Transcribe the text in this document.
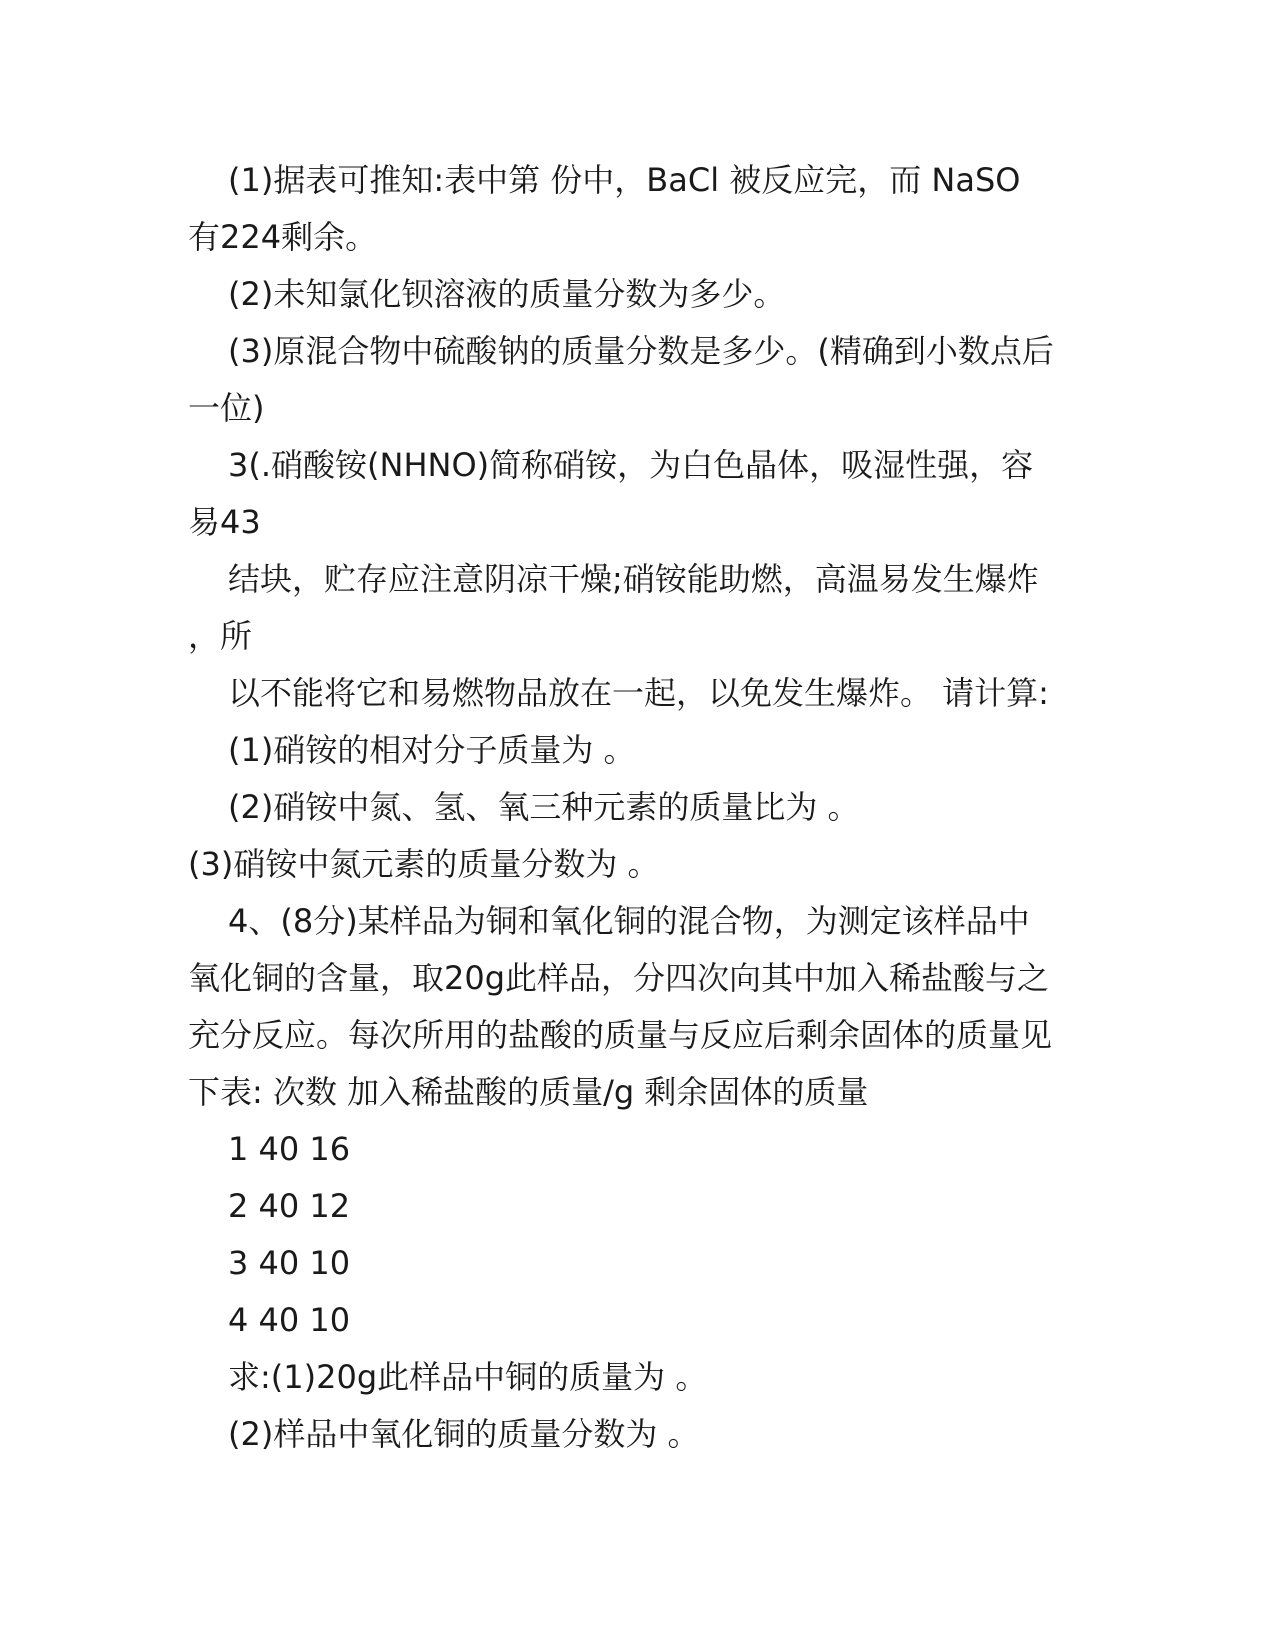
(1)据表可推知:表中第 份中，BaCl 被反应完，而 NaSO
有224剩余。
(2)未知氯化钡溶液的质量分数为多少。
(3)原混合物中硫酸钠的质量分数是多少。(精确到小数点后
一位)
3(.硝酸铵(NHNO)简称硝铵，为白色晶体，吸湿性强，容
易43
结块，贮存应注意阴凉干燥;硝铵能助燃，高温易发生爆炸
，所
以不能将它和易燃物品放在一起，以免发生爆炸。 请计算:
(1)硝铵的相对分子质量为 。
(2)硝铵中氮、氢、氧三种元素的质量比为 。
(3)硝铵中氮元素的质量分数为 。
4、(8分)某样品为铜和氧化铜的混合物，为测定该样品中
氧化铜的含量，取20g此样品，分四次向其中加入稀盐酸与之
充分反应。每次所用的盐酸的质量与反应后剩余固体的质量见
下表: 次数 加入稀盐酸的质量/g 剩余固体的质量
1 40 16
2 40 12
3 40 10
4 40 10
求:(1)20g此样品中铜的质量为 。
(2)样品中氧化铜的质量分数为 。
